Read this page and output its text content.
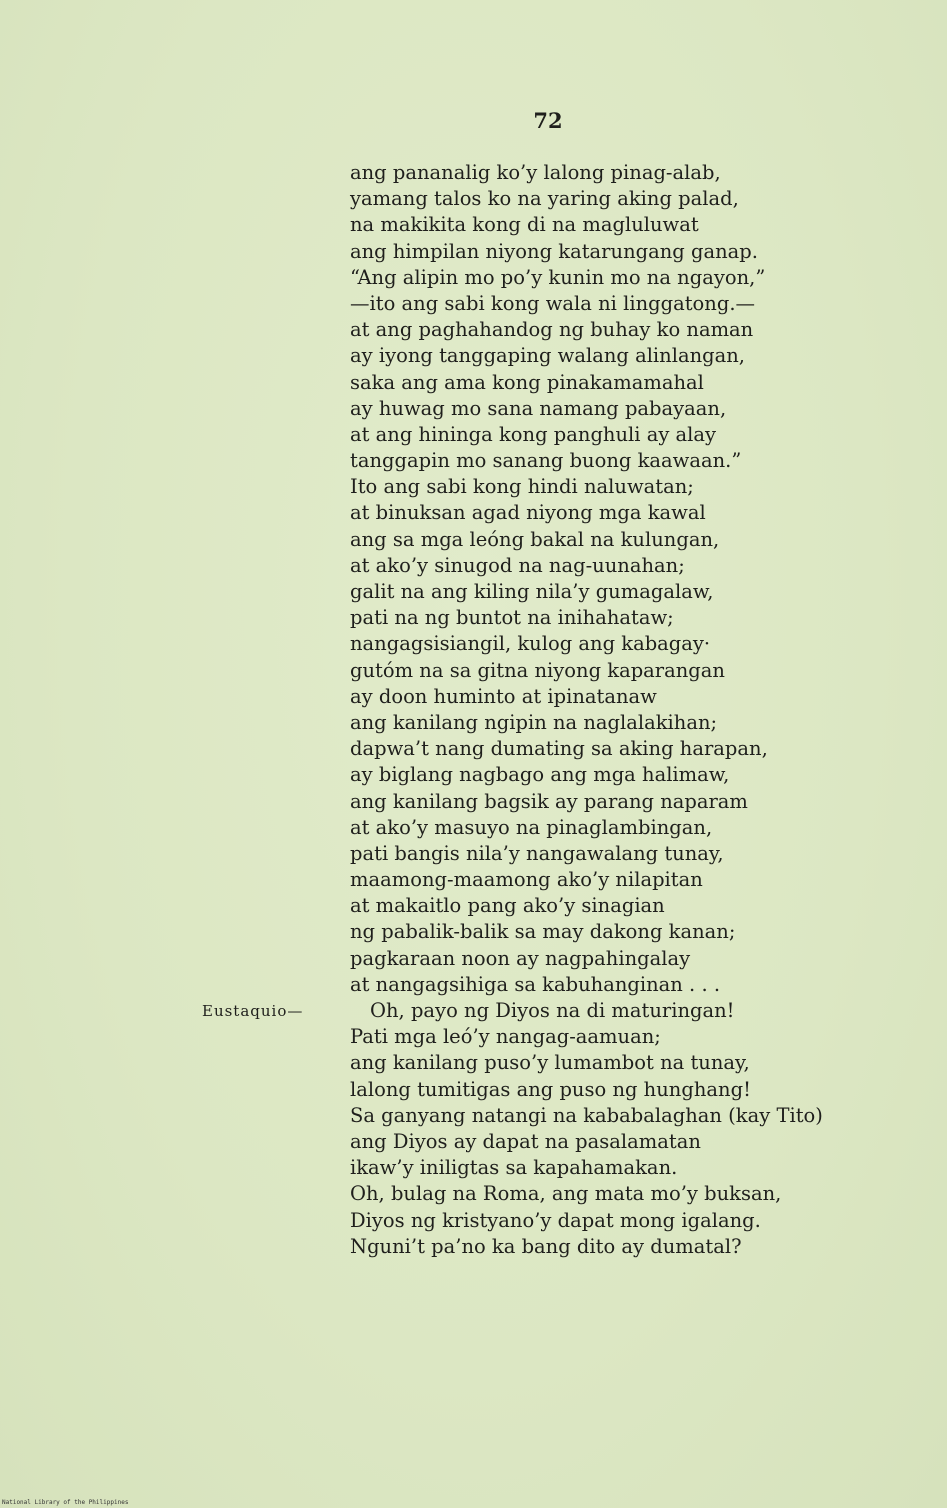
72
ang pananalig ko’y lalong pinag-alab,
yamang talos ko na yaring aking palad,
na makikita kong di na magluluwat
ang himpilan niyong katarungang ganap.
“Ang alipin mo po’y kunin mo na ngayon,”
—ito ang sabi kong wala ni linggatong.—
at ang paghahandog ng buhay ko naman
ay iyong tanggaping walang alinlangan,
saka ang ama kong pinakamamahal
ay huwag mo sana namang pabayaan,
at ang hininga kong panghuli ay alay
tanggapin mo sanang buong kaawaan.”
Ito ang sabi kong hindi naluwatan;
at binuksan agad niyong mga kawal
ang sa mga leóng bakal na kulungan,
at ako’y sinugod na nag-uunahan;
galit na ang kiling nila’y gumagalaw,
pati na ng buntot na inihahataw;
nangagsisiangil, kulog ang kabagay·
gutóm na sa gitna niyong kaparangan
ay doon huminto at ipinatanaw
ang kanilang ngipin na naglalakihan;
dapwa’t nang dumating sa aking harapan,
ay biglang nagbago ang mga halimaw,
ang kanilang bagsik ay parang naparam
at ako’y masuyo na pinaglambingan,
pati bangis nila’y nangawalang tunay,
maamong-maamong ako’y nilapitan
at makaitlo pang ako’y sinagian
ng pabalik-balik sa may dakong kanan;
pagkaraan noon ay nagpahingalay
at nangagsihiga sa kabuhanginan . . .
Eustaquio—	Oh, payo ng Diyos na di maturingan!
Pati mga leó’y nangag-aamuan;
ang kanilang puso’y lumambot na tunay,
lalong tumitigas ang puso ng hunghang!
Sa ganyang natangi na kababalaghan (kay Tito)
ang Diyos ay dapat na pasalamatan
ikaw’y iniligtas sa kapahamakan.
Oh, bulag na Roma, ang mata mo’y buksan,
Diyos ng kristyano’y dapat mong igalang.
Nguni’t pa’no ka bang dito ay dumatal?
National Library of the Philippines
